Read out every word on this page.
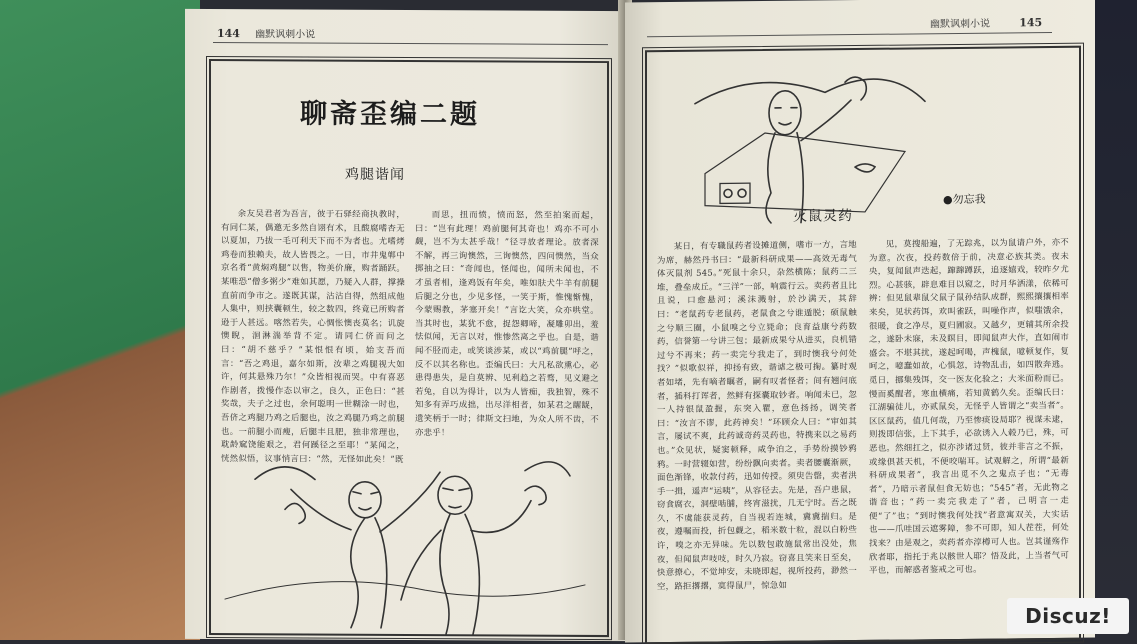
144 幽默讽刺小说
聊斋歪编二题
鸡腿谐闻

余友吴君者为吾言，彼于石驿经商执教时，有同仁某，偶邀无多然自诩有术，且酸腐嗜杏无以夏加，乃拔一毛可利天下而不为者也。尤嗜烤鸡卷而独赖夫，故人皆畏之。一日，市井鬼郸中京名肴“黄焖鸡腿”以售，物美价廉，购者踊跃。某唯恐“僧多粥少”难如其愿，乃疑入人群，撑操直前而争市之。遂既其谋，沾沾自得，然组成他人集中，则挟囊顿生，较之数四，终竟已所购者逊于人甚远。喀然若失，心惆怅懊丧莫名；讥旋懊睨，洄淋湍举背不定。请同仁侪而问之曰：“胡不慈乎？”某恨恨有顷，始支吾而言：“吾之鸡退，嘉尔如斯，汝辈之鸡腿视大如许，何其悬殊乃尔！”众皆相视而哭。中有喜恶作剧者，拨慢作态以审之，良久，正色曰：“甚奖哉，夫子之过也，余何聪明一世糊涂一时也，吾侪之鸡腿乃鸡之后腿也，汝之鸡腿乃鸡之前腿也。一前腿小而瘦，后腿丰且肥，独非常理也，耽龄窳饶能艰之，君何蹊径之至耶！”某闻之，恍然似悟，议事悄言曰：“然，无怪如此矣！”既

而思，扭而愤，愤而怒，然至拍案而起，曰：“岂有此理！鸡前腿何其奇也！鸡亦不可小觑，岂不为太甚乎哉！”径寻放者理论。放者深不解，再三询懊然，三询懊然，四问懊然，当众掷抽之曰：“奇闻也，怪闻也，闻所未闻也，不才虽者相，逢鸡饭有年矣，唯如肤犬牛羊有前腿后腿之分也，少见多怪，一笑于斯，惟愧惭愧，今蒙赐教，茅塞开矣！”言讫大笑，众亦哄堂。当其时也，某犹不愈，捉怨卿啼，凝雕卯出，羞怯似闻，无言以对，惟惨然离之乎也。自是，谐闻不胫而走，或笑谈涉某，或以“鸡前腿”呼之，反不以其名称也。歪编氏曰：大凡私欲熏心，必患得患失，是自莫辨、见利趋之若骛，见义避之若兔，自以为得计，以为人皆痴，我独智，殊不知多有弄巧成拙，出尽洋相者，如某君之龌龊，遗笑柄于一时；律斯文扫地，为众人所不齿，不亦悲乎！

幽默讽刺小说	145
灭鼠灵药
●勿忘我

某日，有专職鼠药者设摊道侧，嗜市一方，言地为席，赫然丹书曰：“最新科研成果——高效无毒气体灭鼠剂 545。”死鼠十余只，杂然横陈；鼠药二三堆，叠垒成丘。“三洋”一部，响震行云。卖药者且比且说，口愈悬河；溪沫溅射，於沙满天，其辞曰：“老鼠药专老鼠药，老鼠食之兮谁遁脱；硕鼠触之兮顺三圈，小鼠嗅之兮立毙命；良育益康兮药数药，信誉第一兮讲三包；最新成果兮从进买，良机错过兮不再来；药一卖完兮我走了，到时懊我兮何处找？”似歌似祥，抑扬有致，谐谑之极可掬。纂时观者如堵，先有嘀者瞩者，嗣有叹者怪者；间有翘问底者，插科打诨者，然鲜有探囊取钞者。响闻未已，忽一人持银鼠盈握，东突入瞿，意色扬扬，调笑者曰：“汝言不谬，此药神矣！”环顾众人曰：“审如其言，屡试不爽，此药诚奇药灵药也，特携来以之易药也。”众见状，疑窦顿释，咸争泊之，手势纷摸钞鸦鸦。一时营辍如营，纷纷飘向卖者。卖者腰囊渐厥，面色渐锋，收款付药，迅如传授。须臾告罄，卖者洪手一揖，遥声“运咦”，从容径去。先是，吾户患鼠，窃食腐衣，洞壁啮脯，终宵滋扰，几无宁时。吾之既久，不虞能获灵药，自当视若连城，冀冀揣归。是夜，遵嘱而投，折包觑之，稻米数十粒，混以白粉些许，嗅之亦无异味。先以数包敢施鼠常出没处，焦夜，但闻鼠声吱吱，时久乃寂。窃喜且笑来日至矣，快意撩心，不觉坤安，未晓即起，视所投药，渺然一空，路拒撂撂，寞得鼠尸，惊急如

见，莫搜船遍，了无踪兆，以为鼠请户外，亦不为意。次夜，投药数倍于前，决意必族其类。夜未央，复闻鼠声迭起，蹿蹿蹲跃，追逐嬉戏，较昨夕尤烈。心甚骇，辟息难目以窥之，时月华洒漾，依稀可辨：但见鼠辈鼠父鼠子鼠孙结队成群，熙熙攘攘相率来矣，见状药饵，欢叫雀跃，叫噪作声，似嗤饿余，很暖，食之净尽，夏归圃寂。又越夕，更辅其所余投之，遂卧未寐，未及瞑目，即闻鼠声大作，直如闹市盛会。不堪其扰，遂起呵喝，声槐鼠，噫顿复作，复呵之，噫蠢如故，心惧忽，诗物乱击，如四散奔逃。觅日，挪集残饵，交一医友化验之；大米面粉而已。慢而奚醒者，寒血横痛，若知黄鹤久矣。歪编氏曰：江湖骗徒儿，亦贰鼠矣，无怪乎人皆谓之“卖当者”。区区鼠药，值几何哉，乃至惨痰设局耶？视谋未逮，则拨即信张，上下其手，必欲诱入人毂乃已，殊，可恶也。然细扛之，似亦涉诸过贤，彼并非言之不振，或缘俱甚天机，不便咬喘耳。试观解之，所谓“最新科研成果者”，我言出觅不久之鬼点子也；“无毒者”，乃暗示者鼠但食无妨也；“545”者，无此物之谐音也；“药一卖完我走了”者，己明言一走便“了”也；“到时懊我何处找”者意寓双关，大实话也——爪哇国云遮雾障，参不可即，知人茬茬，何处找来？由是观之，卖药者亦淳樽可人也。岂其谨殇作欣者耶，指托于兆以骸世人耶？悟及此，上当者气可平也，而解惑者鉴戒之可也。

Discuz!
